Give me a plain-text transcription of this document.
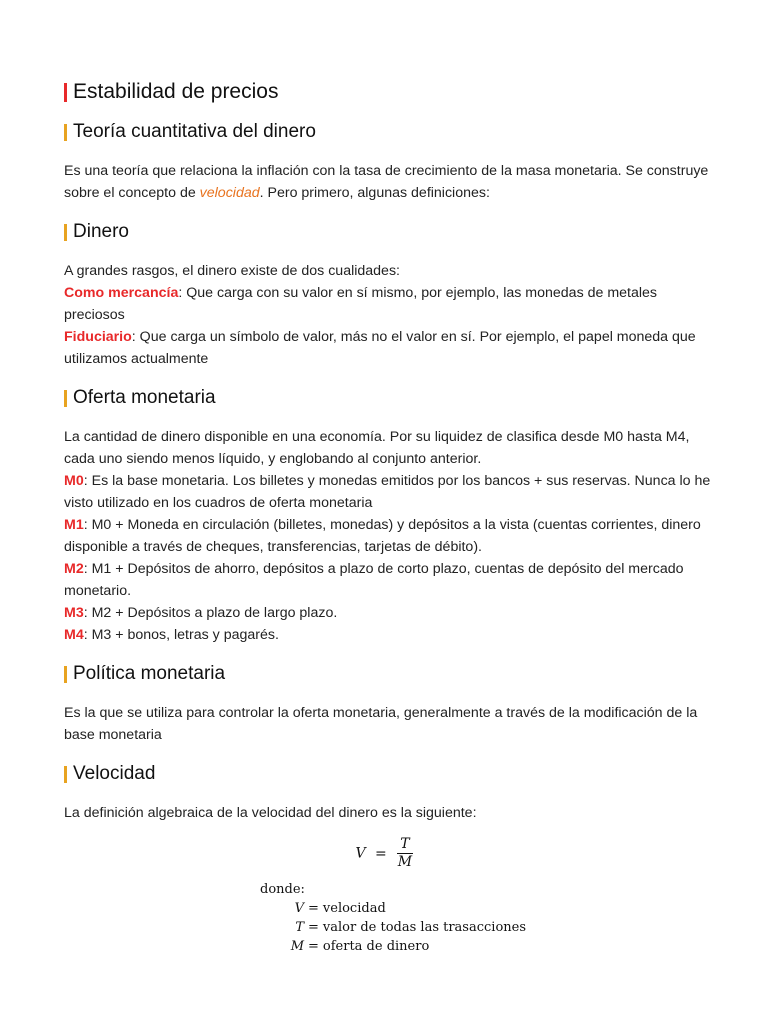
Estabilidad de precios
Teoría cuantitativa del dinero

Es una teoría que relaciona la inflación con la tasa de crecimiento de la masa monetaria. Se construye sobre el concepto de velocidad. Pero primero, algunas definiciones:

Dinero

A grandes rasgos, el dinero existe de dos cualidades:

Como mercancía: Que carga con su valor en sí mismo, por ejemplo, las monedas de metales preciosos

Fiduciario: Que carga un símbolo de valor, más no el valor en sí. Por ejemplo, el papel moneda que utilizamos actualmente

Oferta monetaria

La cantidad de dinero disponible en una economía. Por su liquidez de clasifica desde M0 hasta M4, cada uno siendo menos líquido, y englobando al conjunto anterior.

M0: Es la base monetaria. Los billetes y monedas emitidos por los bancos + sus reservas. Nunca lo he visto utilizado en los cuadros de oferta monetaria

M1: M0 + Moneda en circulación (billetes, monedas) y depósitos a la vista (cuentas corrientes, dinero disponible a través de cheques, transferencias, tarjetas de débito).

M2: M1 + Depósitos de ahorro, depósitos a plazo de corto plazo, cuentas de depósito del mercado monetario.

M3: M2 + Depósitos a plazo de largo plazo.

M4: M3 + bonos, letras y pagarés.

Política monetaria

Es la que se utiliza para controlar la oferta monetaria, generalmente a través de la modificación de la base monetaria

Velocidad

La definición algebraica de la velocidad del dinero es la siguiente:

$V = \frac{T}{M}$
donde:
V = velocidad
T = valor de todas las trasacciones
M = oferta de dinero
